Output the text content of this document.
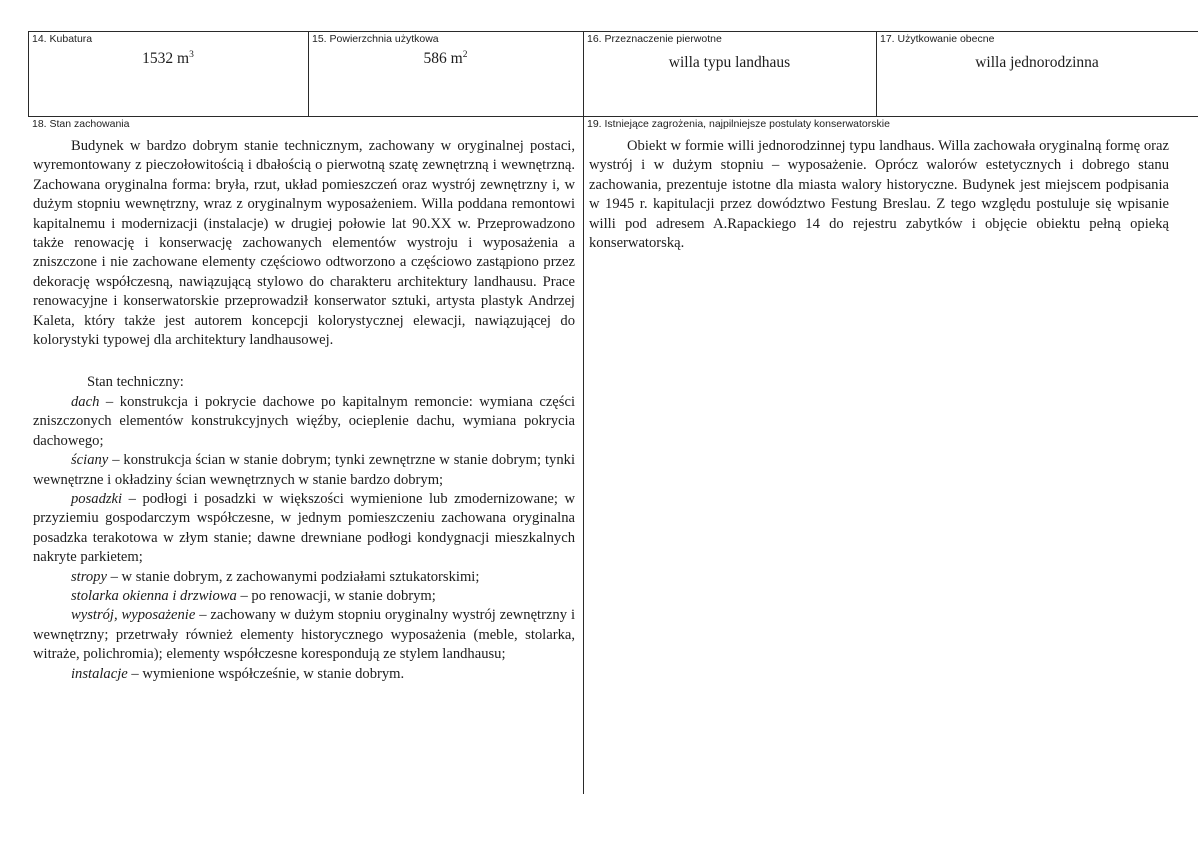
14. Kubatura
1532 $m^3$
15. Powierzchnia użytkowa
586 $m^2$
16. Przeznaczenie pierwotne
willa typu landhaus
17. Użytkowanie obecne
willa jednorodzinna
18. Stan zachowania

Budynek w bardzo dobrym stanie technicznym, zachowany w oryginalnej postaci, wyremontowany z pieczołowitością i dbałością o pierwotną szatę zewnętrzną i wewnętrzną. Zachowana oryginalna forma: bryła, rzut, układ pomieszczeń oraz wystrój zewnętrzny i, w dużym stopniu wewnętrzny, wraz z oryginalnym wyposażeniem. Willa poddana remontowi kapitalnemu i modernizacji (instalacje) w drugiej połowie lat 90.XX w. Przeprowadzono także renowację i konserwację zachowanych elementów wystroju i wyposażenia a zniszczone i nie zachowane elementy częściowo odtworzono a częściowo zastąpiono przez dekorację współczesną, nawiązującą stylowo do charakteru architektury landhausu. Prace renowacyjne i konserwatorskie przeprowadził konserwator sztuki, artysta plastyk Andrzej Kaleta, który także jest autorem koncepcji kolorystycznej elewacji, nawiązującej do kolorystyki typowej dla architektury landhausowej.

Stan techniczny:

dach – konstrukcja i pokrycie dachowe po kapitalnym remoncie: wymiana części zniszczonych elementów konstrukcyjnych więźby, ocieplenie dachu, wymiana pokrycia dachowego;

ściany – konstrukcja ścian w stanie dobrym; tynki zewnętrzne w stanie dobrym; tynki wewnętrzne i okładziny ścian wewnętrznych w stanie bardzo dobrym;

posadzki – podłogi i posadzki w większości wymienione lub zmodernizowane; w przyziemiu gospodarczym współczesne, w jednym pomieszczeniu zachowana oryginalna posadzka terakotowa w złym stanie; dawne drewniane podłogi kondygnacji mieszkalnych nakryte parkietem;

stropy – w stanie dobrym, z zachowanymi podziałami sztukatorskimi;

stolarka okienna i drzwiowa – po renowacji, w stanie dobrym;

wystrój, wyposażenie – zachowany w dużym stopniu oryginalny wystrój zewnętrzny i wewnętrzny; przetrwały również elementy historycznego wyposażenia (meble, stolarka, witraże, polichromia); elementy współczesne korespondują ze stylem landhausu;

instalacje – wymienione współcześnie, w stanie dobrym.

19. Istniejące zagrożenia, najpilniejsze postulaty konserwatorskie

Obiekt w formie willi jednorodzinnej typu landhaus. Willa zachowała oryginalną formę oraz wystrój i w dużym stopniu – wyposażenie. Oprócz walorów estetycznych i dobrego stanu zachowania, prezentuje istotne dla miasta walory historyczne. Budynek jest miejscem podpisania w 1945 r. kapitulacji przez dowództwo Festung Breslau. Z tego względu postuluje się wpisanie willi pod adresem A.Rapackiego 14 do rejestru zabytków i objęcie obiektu pełną opieką konserwatorską.
